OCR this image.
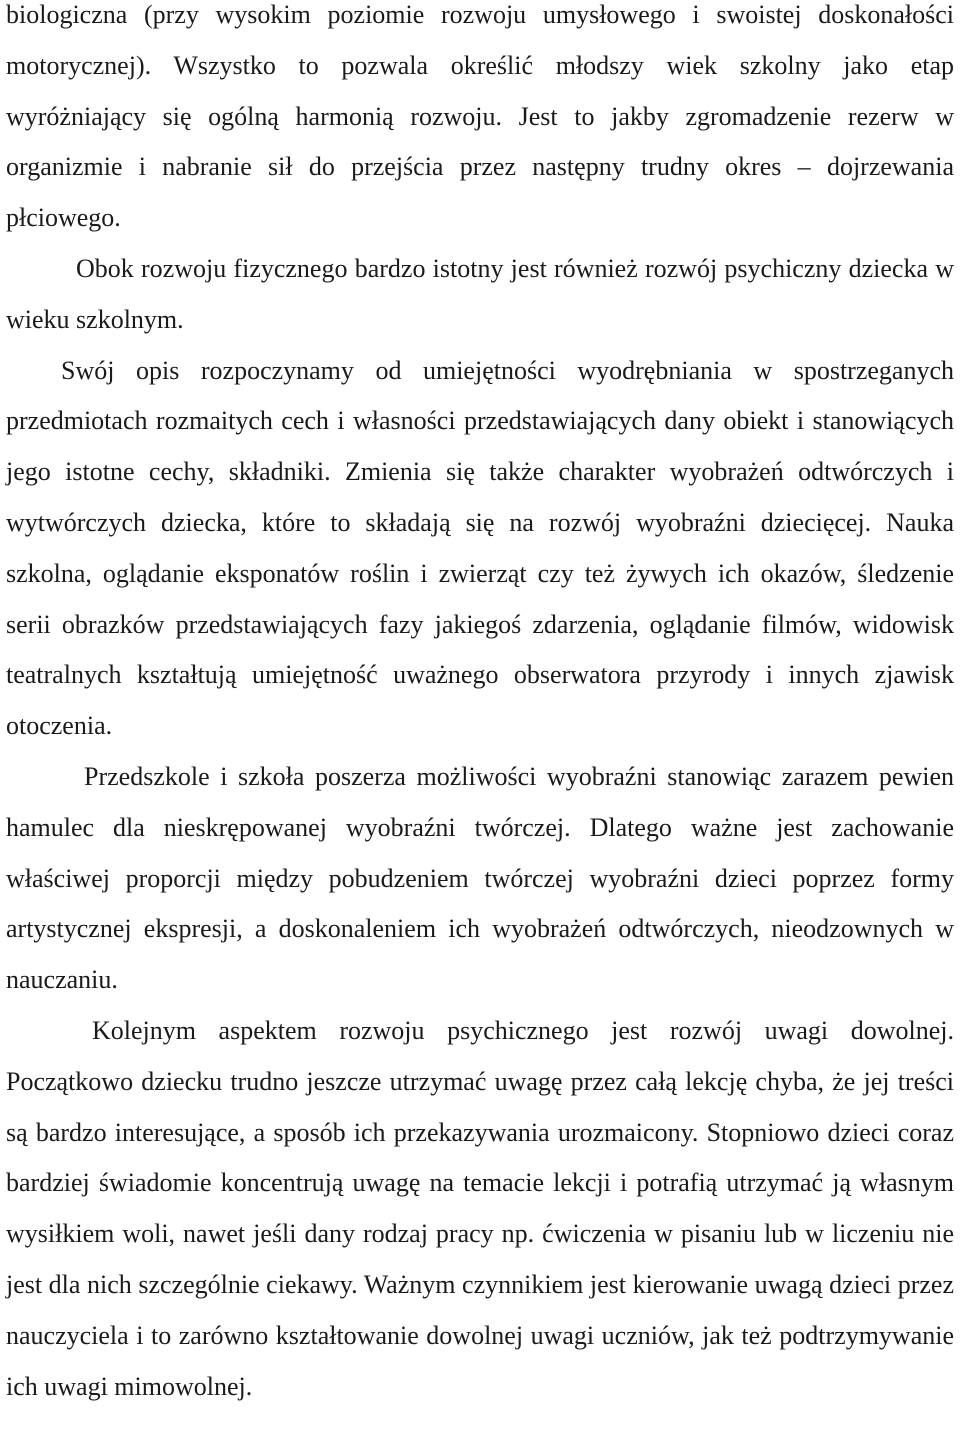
biologiczna (przy wysokim poziomie rozwoju umysłowego i swoistej doskonałości motorycznej). Wszystko to pozwala określić młodszy wiek szkolny jako etap wyróżniający się ogólną harmonią rozwoju. Jest to jakby zgromadzenie rezerw w organizmie i nabranie sił do przejścia przez następny trudny okres – dojrzewania płciowego.

Obok rozwoju fizycznego bardzo istotny jest również rozwój psychiczny dziecka w wieku szkolnym.

Swój opis rozpoczynamy od umiejętności wyodrębniania w spostrzeganych przedmiotach rozmaitych cech i własności przedstawiających dany obiekt i stanowiących jego istotne cechy, składniki. Zmienia się także charakter wyobrażeń odtwórczych i wytwórczych dziecka, które to składają się na rozwój wyobraźni dziecięcej. Nauka szkolna, oglądanie eksponatów roślin i zwierząt czy też żywych ich okazów, śledzenie serii obrazków przedstawiających fazy jakiegoś zdarzenia, oglądanie filmów, widowisk teatralnych kształtują umiejętność uważnego obserwatora przyrody i innych zjawisk otoczenia.

Przedszkole i szkoła poszerza możliwości wyobraźni stanowiąc zarazem pewien hamulec dla nieskrępowanej wyobraźni twórczej. Dlatego ważne jest zachowanie właściwej proporcji między pobudzeniem twórczej wyobraźni dzieci poprzez formy artystycznej ekspresji, a doskonaleniem ich wyobrażeń odtwórczych, nieodzownych w nauczaniu.

Kolejnym aspektem rozwoju psychicznego jest rozwój uwagi dowolnej. Początkowo dziecku trudno jeszcze utrzymać uwagę przez całą lekcję chyba, że jej treści są bardzo interesujące, a sposób ich przekazywania urozmaicony. Stopniowo dzieci coraz bardziej świadomie koncentrują uwagę na temacie lekcji i potrafią utrzymać ją własnym wysiłkiem woli, nawet jeśli dany rodzaj pracy np. ćwiczenia w pisaniu lub w liczeniu nie jest dla nich szczególnie ciekawy. Ważnym czynnikiem jest kierowanie uwagą dzieci przez nauczyciela i to zarówno kształtowanie dowolnej uwagi uczniów, jak też podtrzymywanie ich uwagi mimowolnej.
